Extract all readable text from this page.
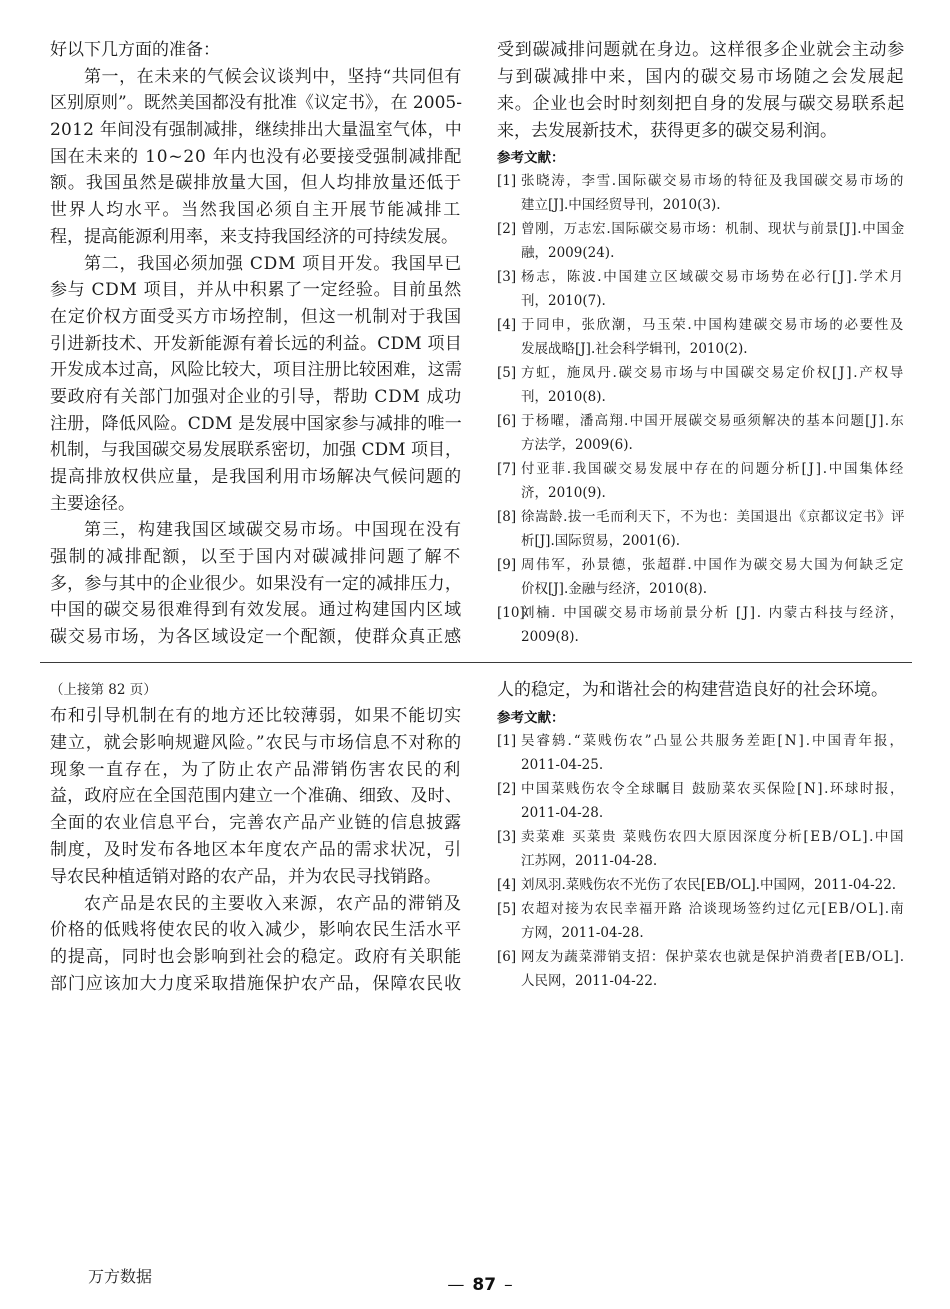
好以下几方面的准备：
第一，在未来的气候会议谈判中，坚持“共同但有
区别原则”。既然美国都没有批准《议定书》，在 2005-
2012 年间没有强制减排，继续排出大量温室气体，中
国在未来的 10~20 年内也没有必要接受强制减排配
额。我国虽然是碳排放量大国，但人均排放量还低于
世界人均水平。当然我国必须自主开展节能减排工
程，提高能源利用率，来支持我国经济的可持续发展。
第二，我国必须加强 CDM 项目开发。我国早已
参与 CDM 项目，并从中积累了一定经验。目前虽然
在定价权方面受买方市场控制，但这一机制对于我国
引进新技术、开发新能源有着长远的利益。CDM 项目
开发成本过高，风险比较大，项目注册比较困难，这需
要政府有关部门加强对企业的引导，帮助 CDM 成功
注册，降低风险。CDM 是发展中国家参与减排的唯一
机制，与我国碳交易发展联系密切，加强 CDM 项目，
提高排放权供应量，是我国利用市场解决气候问题的
主要途径。
第三，构建我国区域碳交易市场。中国现在没有
强制的减排配额，以至于国内对碳减排问题了解不
多，参与其中的企业很少。如果没有一定的减排压力，
中国的碳交易很难得到有效发展。通过构建国内区域
碳交易市场，为各区域设定一个配额，使群众真正感
受到碳减排问题就在身边。这样很多企业就会主动参
与到碳减排中来，国内的碳交易市场随之会发展起
来。企业也会时时刻刻把自身的发展与碳交易联系起
来，去发展新技术，获得更多的碳交易利润。
参考文献：
[1] 张晓涛，李雪.国际碳交易市场的特征及我国碳交易市场的
建立[J].中国经贸导刊，2010(3).
[2] 曾刚，万志宏.国际碳交易市场：机制、现状与前景[J].中国金
融，2009(24).
[3] 杨志，陈波.中国建立区域碳交易市场势在必行[J].学术月
刊，2010(7).
[4] 于同申，张欣潮，马玉荣.中国构建碳交易市场的必要性及
发展战略[J].社会科学辑刊，2010(2).
[5] 方虹，施凤丹.碳交易市场与中国碳交易定价权[J].产权导
刊，2010(8).
[6] 于杨曜，潘高翔.中国开展碳交易亟须解决的基本问题[J].东
方法学，2009(6).
[7] 付亚菲.我国碳交易发展中存在的问题分析[J].中国集体经
济，2010(9).
[8] 徐嵩龄.拔一毛而利天下，不为也：美国退出《京都议定书》评
析[J].国际贸易，2001(6).
[9] 周伟军，孙景德，张超群.中国作为碳交易大国为何缺乏定
价权[J].金融与经济，2010(8).
[10]
刘楠. 中国碳交易市场前景分析 [J]. 内蒙古科技与经济，
2009(8).
（上接第 82 页）
布和引导机制在有的地方还比较薄弱，如果不能切实
建立，就会影响规避风险。”农民与市场信息不对称的
现象一直存在，为了防止农产品滞销伤害农民的利
益，政府应在全国范围内建立一个准确、细致、及时、
全面的农业信息平台，完善农产品产业链的信息披露
制度，及时发布各地区本年度农产品的需求状况，引
导农民种植适销对路的农产品，并为农民寻找销路。
农产品是农民的主要收入来源，农产品的滞销及
价格的低贱将使农民的收入减少，影响农民生活水平
的提高，同时也会影响到社会的稳定。政府有关职能
部门应该加大力度采取措施保护农产品，保障农民收
人的稳定，为和谐社会的构建营造良好的社会环境。
参考文献：
[1] 吴睿鸫.“菜贱伤农”凸显公共服务差距[N].中国青年报，
2011-04-25.
[2] 中国菜贱伤农令全球瞩目 鼓励菜农买保险[N].环球时报，
2011-04-28.
[3] 卖菜难 买菜贵 菜贱伤农四大原因深度分析[EB/OL].中国
江苏网，2011-04-28.
[4] 刘凤羽.菜贱伤农不光伤了农民[EB/OL].中国网，2011-04-22.
[5] 农超对接为农民幸福开路 洽谈现场签约过亿元[EB/OL].南
方网，2011-04-28.
[6] 网友为蔬菜滞销支招：保护菜农也就是保护消费者[EB/OL].
人民网，2011-04-22.
万方数据	— 87 –
